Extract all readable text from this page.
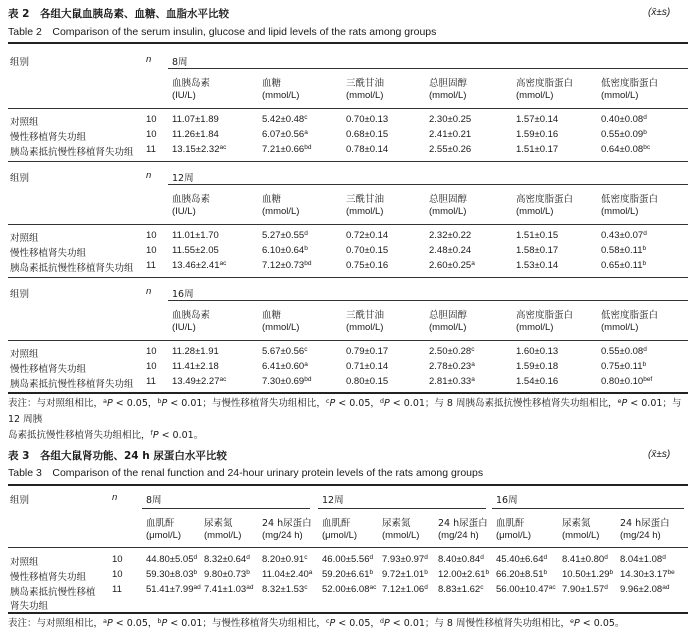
表 2　各组大鼠血胰岛素、血糖、血脂水平比较	(x̄±s)
Table 2　Comparison of the serum insulin, glucose and lipid levels of the rats among groups
组别	n 8周
血胰岛素
(IU/L)
血糖
(mmol/L)
三酰甘油
(mmol/L)
总胆固醇
(mmol/L)
高密度脂蛋白
(mmol/L)
低密度脂蛋白
(mmol/L)
对照组	10 11.07±1.89	5.42±0.48$^c$	0.70±0.13	2.30±0.25	1.57±0.14	0.40±0.08$^d$
慢性移植肾失功组	10 11.26±1.84	6.07±0.56$^a$	0.68±0.15	2.41±0.21	1.59±0.16	0.55±0.09$^b$
胰岛素抵抗慢性移植肾失功组 11 13.15±2.32$^{ac}$	7.21±0.66$^{bd}$	0.78±0.14	2.55±0.26	1.51±0.17	0.64±0.08$^{bc}$
组别	n 12周
血胰岛素
(IU/L)
血糖
(mmol/L)
三酰甘油
(mmol/L)
总胆固醇
(mmol/L)
高密度脂蛋白
(mmol/L)
低密度脂蛋白
(mmol/L)
对照组	10 11.01±1.70	5.27±0.55$^d$	0.72±0.14	2.32±0.22	1.51±0.15	0.43±0.07$^d$
慢性移植肾失功组	10 11.55±2.05	6.10±0.64$^b$	0.70±0.15	2.48±0.24	1.58±0.17	0.58±0.11$^b$
胰岛素抵抗慢性移植肾失功组 11 13.46±2.41$^{ac}$	7.12±0.73$^{bd}$	0.75±0.16	2.60±0.25$^a$	1.53±0.14	0.65±0.11$^b$
组别	n 16周
血胰岛素
(IU/L)
血糖
(mmol/L)
三酰甘油
(mmol/L)
总胆固醇
(mmol/L)
高密度脂蛋白
(mmol/L)
低密度脂蛋白
(mmol/L)
对照组	10 11.28±1.91	5.67±0.56$^c$	0.79±0.17	2.50±0.28$^c$	1.60±0.13	0.55±0.08$^d$
慢性移植肾失功组	10 11.41±2.18	6.41±0.60$^a$	0.71±0.14	2.78±0.23$^a$	1.59±0.18	0.75±0.11$^b$
胰岛素抵抗慢性移植肾失功组 11 13.49±2.27$^{ac}$	7.30±0.69$^{bd}$	0.80±0.15	2.81±0.33$^a$	1.54±0.16	0.80±0.10$^{bef}$
表注：与对照组相比，$^a$P < 0.05，$^b$P < 0.01；与慢性移植肾失功组相比，$^c$P < 0.05，$^d$P < 0.01；与 8 周胰岛素抵抗慢性移植肾失功组相比，$^e$P < 0.01；与 12 周胰
岛素抵抗慢性移植肾失功组相比，$^f$P < 0.01。
表 3　各组大鼠肾功能、24 h 尿蛋白水平比较	(x̄±s)
Table 3　Comparison of the renal function and 24-hour urinary protein levels of the rats among groups
组别	n	8周	12周	16周
血肌酐
(μmol/L)
尿素氮
(mmol/L)
24 h尿蛋白
(mg/24 h)
血肌酐
(μmol/L)
尿素氮
(mmol/L)
24 h尿蛋白
(mg/24 h)
血肌酐
(μmol/L)
尿素氮
(mmol/L)
24 h尿蛋白
(mg/24 h)
对照组	10 44.80±5.05$^d$ 8.32±0.64$^d$ 8.20±0.91$^c$ 46.00±5.56$^d$ 7.93±0.97$^d$ 8.40±0.84$^d$ 45.40±6.64$^d$ 8.41±0.80$^d$ 8.04±1.08$^d$
慢性移植肾失功组	10 59.30±8.03$^b$ 9.80±0.73$^b$ 11.04±2.40$^a$ 59.20±6.61$^b$ 9.72±1.01$^b$ 12.00±2.61$^b$ 66.20±8.51$^b$ 10.50±1.29$^b$ 14.30±3.17$^{be}$
胰岛素抵抗慢性移植
肾失功组
11	51.41±7.99$^{ad}$ 7.41±1.03$^{ad}$ 8.32±1.53$^c$ 52.00±6.08$^{ac}$ 7.12±1.06$^d$ 8.83±1.62$^c$ 56.00±10.47$^{ac}$ 7.90±1.57$^d$ 9.96±2.08$^{ad}$
表注：与对照组相比，$^a$P < 0.05，$^b$P < 0.01；与慢性移植肾失功组相比，$^c$P < 0.05，$^d$P < 0.01；与 8 周慢性移植肾失功组相比，$^e$P < 0.05。
